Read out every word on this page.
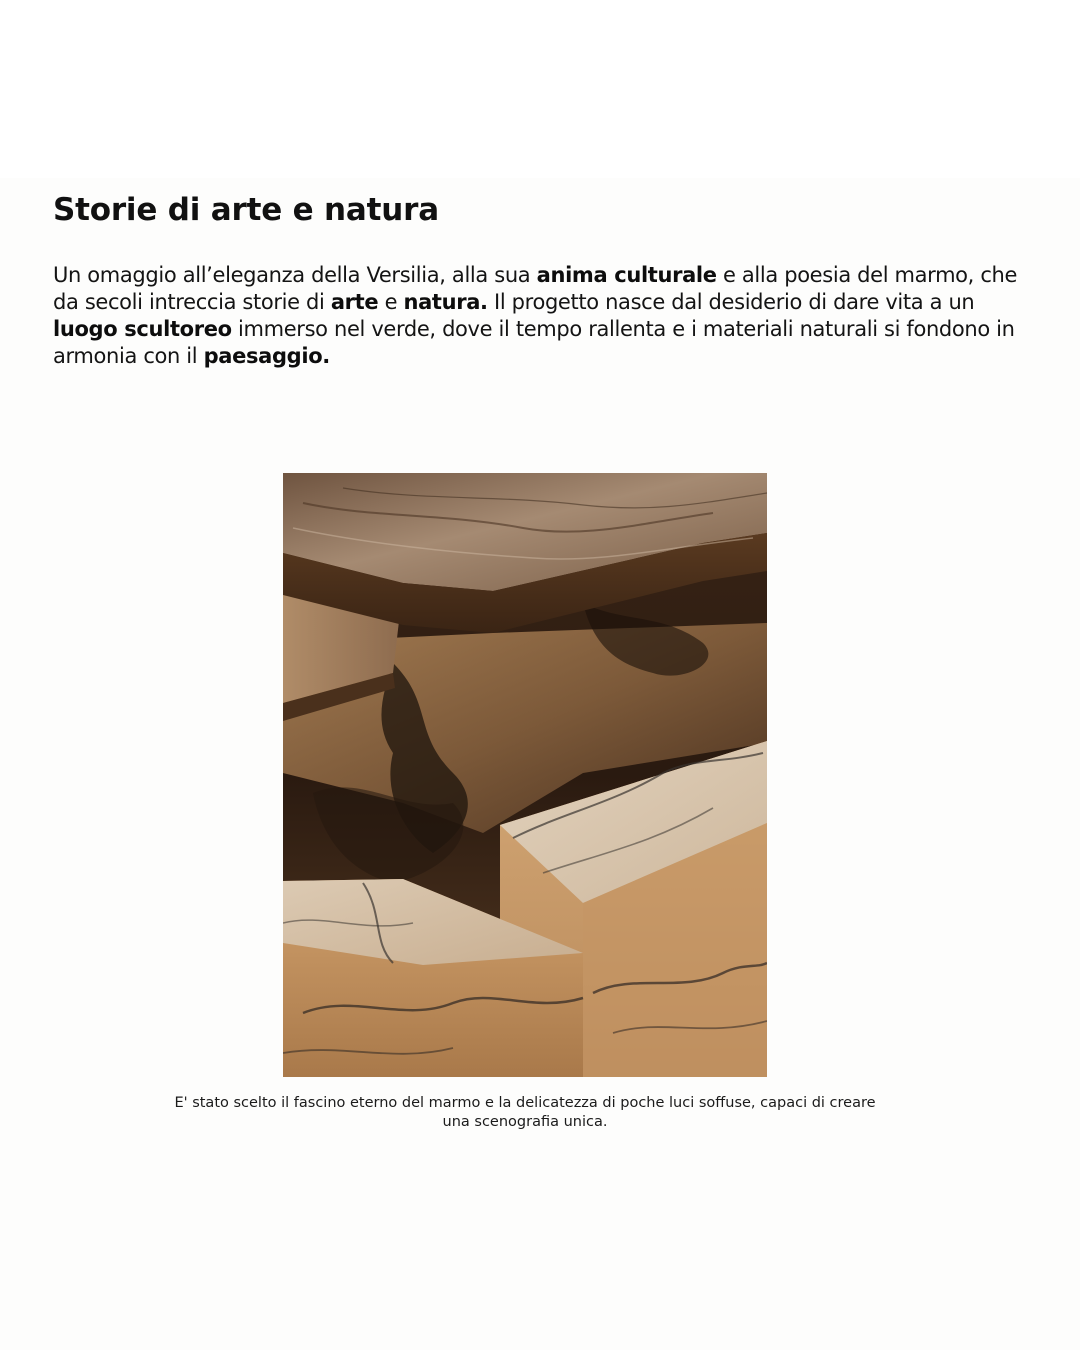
Storie di arte e natura

Un omaggio all’eleganza della Versilia, alla sua anima culturale e alla poesia del marmo, che da secoli intreccia storie di arte e natura. Il progetto nasce dal desiderio di dare vita a un luogo scultoreo immerso nel verde, dove il tempo rallenta e i materiali naturali si fondono in armonia con il paesaggio.

E' stato scelto il fascino eterno del marmo e la delicatezza di poche luci soffuse, capaci di creare una scenografia unica.
